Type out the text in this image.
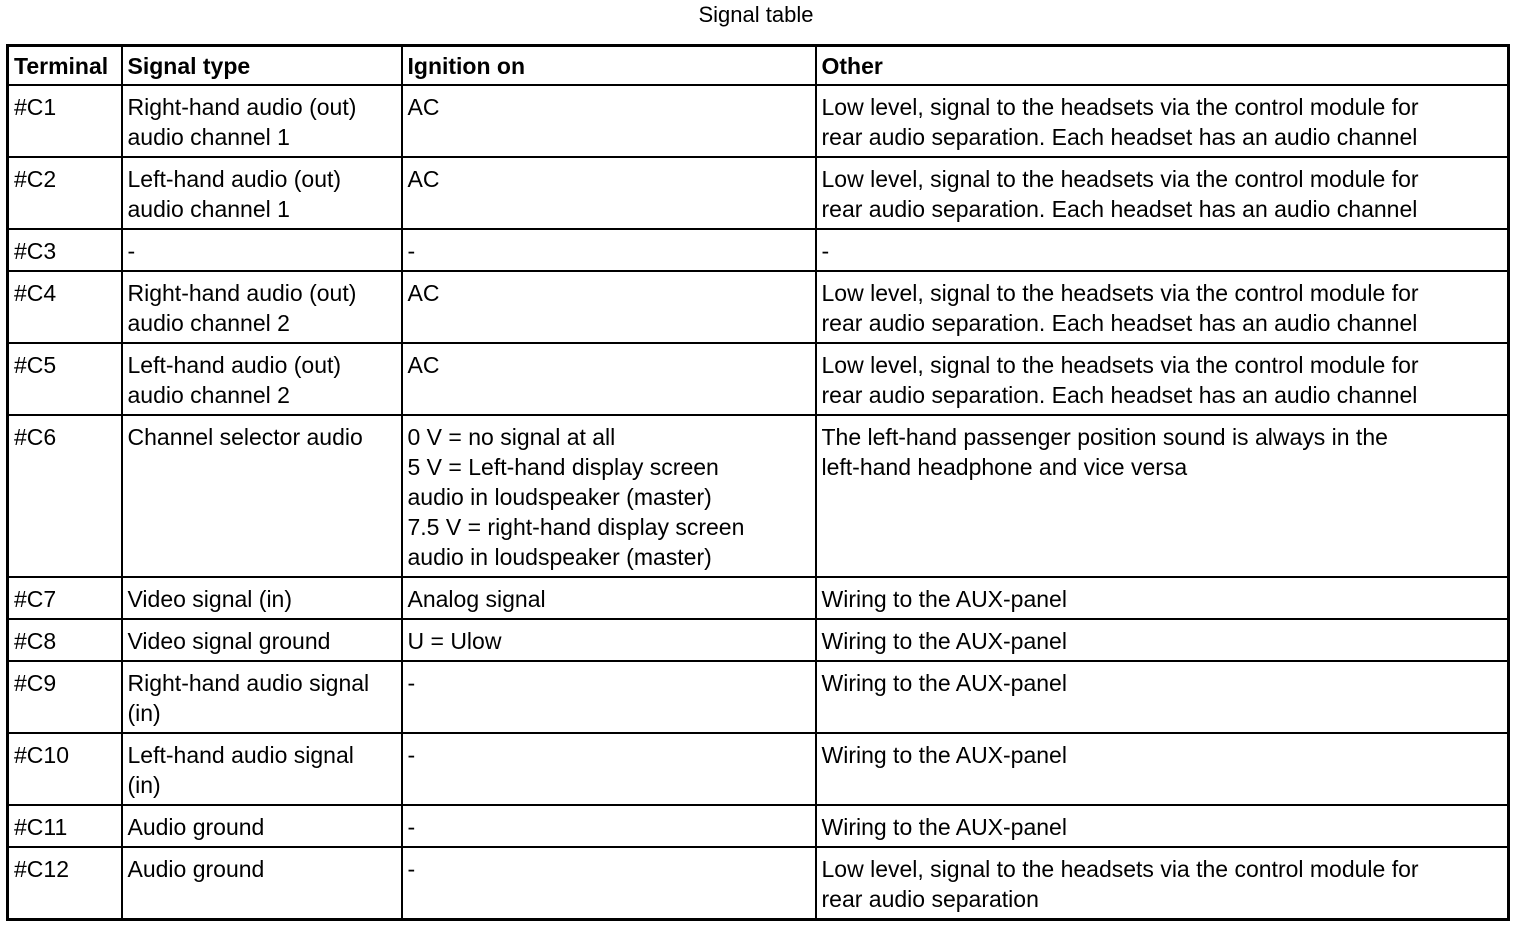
Signal table
Terminal	Signal type	Ignition on	Other
#C1	Right-hand audio (out)
audio channel 1	AC	Low level, signal to the headsets via the control module for
rear audio separation. Each headset has an audio channel
#C2	Left-hand audio (out)
audio channel 1	AC	Low level, signal to the headsets via the control module for
rear audio separation. Each headset has an audio channel
#C3	-	-	-
#C4	Right-hand audio (out)
audio channel 2	AC	Low level, signal to the headsets via the control module for
rear audio separation. Each headset has an audio channel
#C5	Left-hand audio (out)
audio channel 2	AC	Low level, signal to the headsets via the control module for
rear audio separation. Each headset has an audio channel
#C6	Channel selector audio	0 V = no signal at all
5 V = Left-hand display screen
audio in loudspeaker (master)
7.5 V = right-hand display screen
audio in loudspeaker (master)	The left-hand passenger position sound is always in the
left-hand headphone and vice versa
#C7	Video signal (in)	Analog signal	Wiring to the AUX-panel
#C8	Video signal ground	U = Ulow	Wiring to the AUX-panel
#C9	Right-hand audio signal
(in)	-	Wiring to the AUX-panel
#C10	Left-hand audio signal
(in)	-	Wiring to the AUX-panel
#C11	Audio ground	-	Wiring to the AUX-panel
#C12	Audio ground	-	Low level, signal to the headsets via the control module for
rear audio separation
